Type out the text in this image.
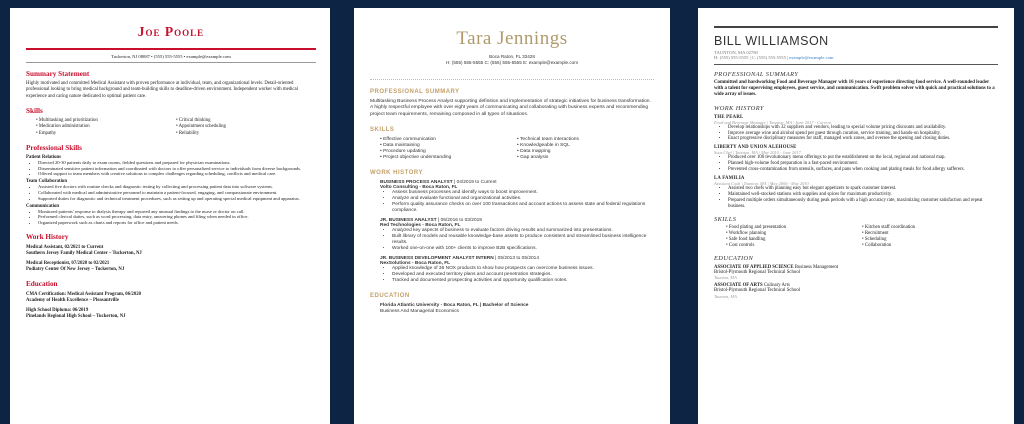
Joe Poole
Tuckerton, NJ 08087 • (555) 555-5555 • example@example.com
Summary Statement
Highly motivated and committed Medical Assistant with proven performance at individual, team, and organizational levels. Detail-oriented professional looking to bring medical background and team-building skills to deadline-driven environment. Independent worker with medical experience and caring nature dedicated to optimal patient care.
Skills
• Multitasking and prioritization	• Critical thinking
• Medication administration	• Appointment scheduling
• Empathy	• Reliability
Professional Skills
Patient Relations
• Directed 20-30 patients daily to exam rooms, fielded questions and prepared for physician examinations.
• Disseminated sensitive patient information and coordinated with doctors to offer personalized service to individuals from diverse backgrounds.
• Offered support to team members with creative solutions to complex challenges regarding scheduling, conflicts and medical care.
Team Collaboration
• Assisted five doctors with routine checks and diagnostic testing by collecting and processing patient data into software systems.
• Collaborated with medical and administrative personnel to maintain a patient-focused, engaging, and compassionate environment.
• Supported duties for diagnostic and technical treatment procedures, such as setting up and operating special medical equipment and apparatus.
Communication
• Monitored patients' response to dialysis therapy and reported any unusual findings to the nurse or doctor on call.
• Performed clerical duties, such as word processing, data entry, answering phones and filing when needed in office.
• Organized paperwork such as charts and reports for office and patient needs.
Work History
Medical Assistant, 02/2021 to Current
Southern Jersey Family Medical Center – Tuckerton, NJ
Medical Receptionist, 07/2020 to 02/2021
Podiatry Center Of New Jersey – Tuckerton, NJ
Education
CMA Certification: Medical Assistant Program, 06/2020
Academy of Health Excellence – Pleasantville
High School Diploma: 06/2019
Pinelands Regional High School – Tuckerton, NJ
Tara Jennings
Boca Raton, FL 33428
H: (555) 555-5555 C: (555) 555-5555 E: example@example.com
PROFESSIONAL SUMMARY
Multitasking Business Process Analyst supporting definition and implementation of strategic initiatives for business transformation. A highly respectful employee with over eight years of communicating and collaborating with business experts and recommending project team requirements, remaining composed in all types of situations.
SKILLS
• Effective communication	• Technical team interactions
• Data maintaining	• Knowledgeable in SQL
• Procedure updating	• Data mapping
• Project objective understanding	• Gap analysis
WORK HISTORY
BUSINESS PROCESS ANALYST | 04/2019 to Current
Volto Consulting - Boca Raton, FL
• Assess business processes and identify ways to boost improvement.
• Analyze and evaluate functional and organizational activities.
• Perform quality assurance checks on over 100 transactions and account actions to assess state and federal regulations compliance.
JR. BUSINESS ANALYST | 05/2016 to 03/2019
Red Technologies - Boca Raton, FL
• Analyzed key aspects of business to evaluate factors driving results and summarized into presentations.
• Built library of models and reusable knowledge-base assets to produce consistent and streamlined business intelligence results.
• Worked one-on-one with 100+ clients to improve B2B specifications.
JR. BUSINESS DEVELOPMENT ANALYST INTERN | 05/2013 to 05/2014
NexSolutions - Boca Raton, FL
• Applied knowledge of 36 NOX products to show how prospects can overcome business issues.
• Developed and executed territory plans and account penetration strategies.
• Tracked and documented prospecting activities and opportunity qualification notes.
EDUCATION
Florida Atlantic University - Boca Raton, FL | Bachelor of Science
Business And Managerial Economics
BILL WILLIAMSON
TAUNTON, MA 02780
H: (555) 555-5555 | C: (555) 555-5555 | example@example.com
PROFESSIONAL SUMMARY
Committed and hardworking Food and Beverage Manager with 16 years of experience directing food service. A well-rounded leader with a talent for supervising employees, guest service, and communication. Swift problem solver with quick and practical solutions to a wide array of issues.
WORK HISTORY
THE PEARL
Food and Beverage Manager | Taunton, MA | June 2017 - Current
• Develop relationships with 32 suppliers and vendors, leading to special volume pricing discounts and availability.
• Improve average wine and alcohol spend per guest through curation, service training, and hands-on hospitality.
• Enact progressive disciplinary measures for staff, managed work zones, and oversee the opening and closing duties.
LIBERTY AND UNION ALEHOUSE
Sous Chef | Taunton, MA | May 2010 - June 2017
• Produced over 100 revolutionary menu offerings to put the establishment on the local, regional and national map.
• Planned high-volume food preparation in a fast-paced environment.
• Prevented cross-contamination from utensils, surfaces, and pans when cooking and plating meals for food allergy sufferers.
LA FAMILIA
Assistant Cook | Taunton, MA | May 2006 - May 2010
• Assisted two chefs with planning easy but elegant appetizers to spark customer interest.
• Maintained well-stocked stations with supplies and spices for maximum productivity.
• Prepared multiple orders simultaneously during peak periods with a high accuracy rate, maximizing customer satisfaction and repeat business.
SKILLS
• Food plating and presentation	• Kitchen staff coordination
• Workflow planning	• Recruitment
• Safe food handling	• Scheduling
• Cost controls	• Collaboration
EDUCATION
ASSOCIATE OF APPLIED SCIENCE Business Management
Bristol-Plymouth Regional Technical School
Taunton, MA
ASSOCIATE OF ARTS Culinary Arts
Bristol-Plymouth Regional Technical School
Taunton, MA
